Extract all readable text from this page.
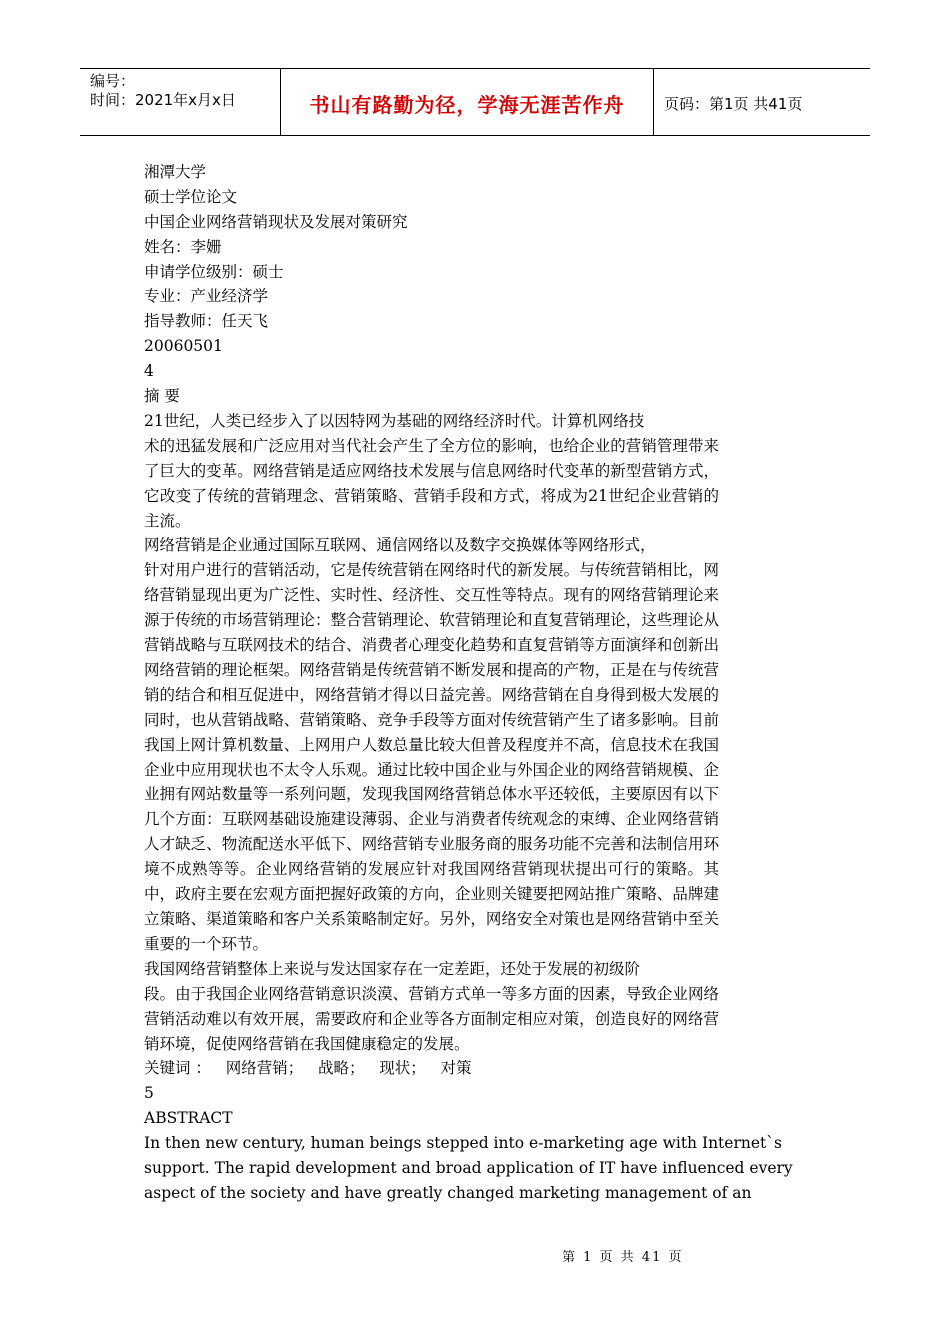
编号：
时间：2021年x月x日	书山有路勤为径，学海无涯苦作舟	页码：第1页 共41页
湘潭大学
硕士学位论文
中国企业网络营销现状及发展对策研究
姓名：李姗
申请学位级别：硕士
专业：产业经济学
指导教师：任天飞
20060501
4
摘 要
21世纪，人类已经步入了以因特网为基础的网络经济时代。计算机网络技
术的迅猛发展和广泛应用对当代社会产生了全方位的影响，也给企业的营销管理带来了巨大的变革。网络营销是适应网络技术发展与信息网络时代变革的新型营销方式，它改变了传统的营销理念、营销策略、营销手段和方式，将成为21世纪企业营销的主流。
网络营销是企业通过国际互联网、通信网络以及数字交换媒体等网络形式，
针对用户进行的营销活动，它是传统营销在网络时代的新发展。与传统营销相比，网络营销显现出更为广泛性、实时性、经济性、交互性等特点。现有的网络营销理论来源于传统的市场营销理论：整合营销理论、软营销理论和直复营销理论，这些理论从营销战略与互联网技术的结合、消费者心理变化趋势和直复营销等方面演绎和创新出网络营销的理论框架。网络营销是传统营销不断发展和提高的产物，正是在与传统营销的结合和相互促进中，网络营销才得以日益完善。网络营销在自身得到极大发展的同时，也从营销战略、营销策略、竞争手段等方面对传统营销产生了诸多影响。目前我国上网计算机数量、上网用户人数总量比较大但普及程度并不高，信息技术在我国企业中应用现状也不太令人乐观。通过比较中国企业与外国企业的网络营销规模、企业拥有网站数量等一系列问题，发现我国网络营销总体水平还较低，主要原因有以下几个方面：互联网基础设施建设薄弱、企业与消费者传统观念的束缚、企业网络营销人才缺乏、物流配送水平低下、网络营销专业服务商的服务功能不完善和法制信用环境不成熟等等。企业网络营销的发展应针对我国网络营销现状提出可行的策略。其中，政府主要在宏观方面把握好政策的方向，企业则关键要把网站推广策略、品牌建立策略、渠道策略和客户关系策略制定好。另外，网络安全对策也是网络营销中至关重要的一个环节。
我国网络营销整体上来说与发达国家存在一定差距，还处于发展的初级阶
段。由于我国企业网络营销意识淡漠、营销方式单一等多方面的因素，导致企业网络营销活动难以有效开展，需要政府和企业等各方面制定相应对策，创造良好的网络营销环境，促使网络营销在我国健康稳定的发展。
关键词 ：   网络营销；   战略；   现状；   对策
5
ABSTRACT
In then new century, human beings stepped into e-marketing age with Internet`s
support. The rapid development and broad application of IT have influenced every
aspect of the society and have greatly changed marketing management of an
第 1 页 共 41 页
